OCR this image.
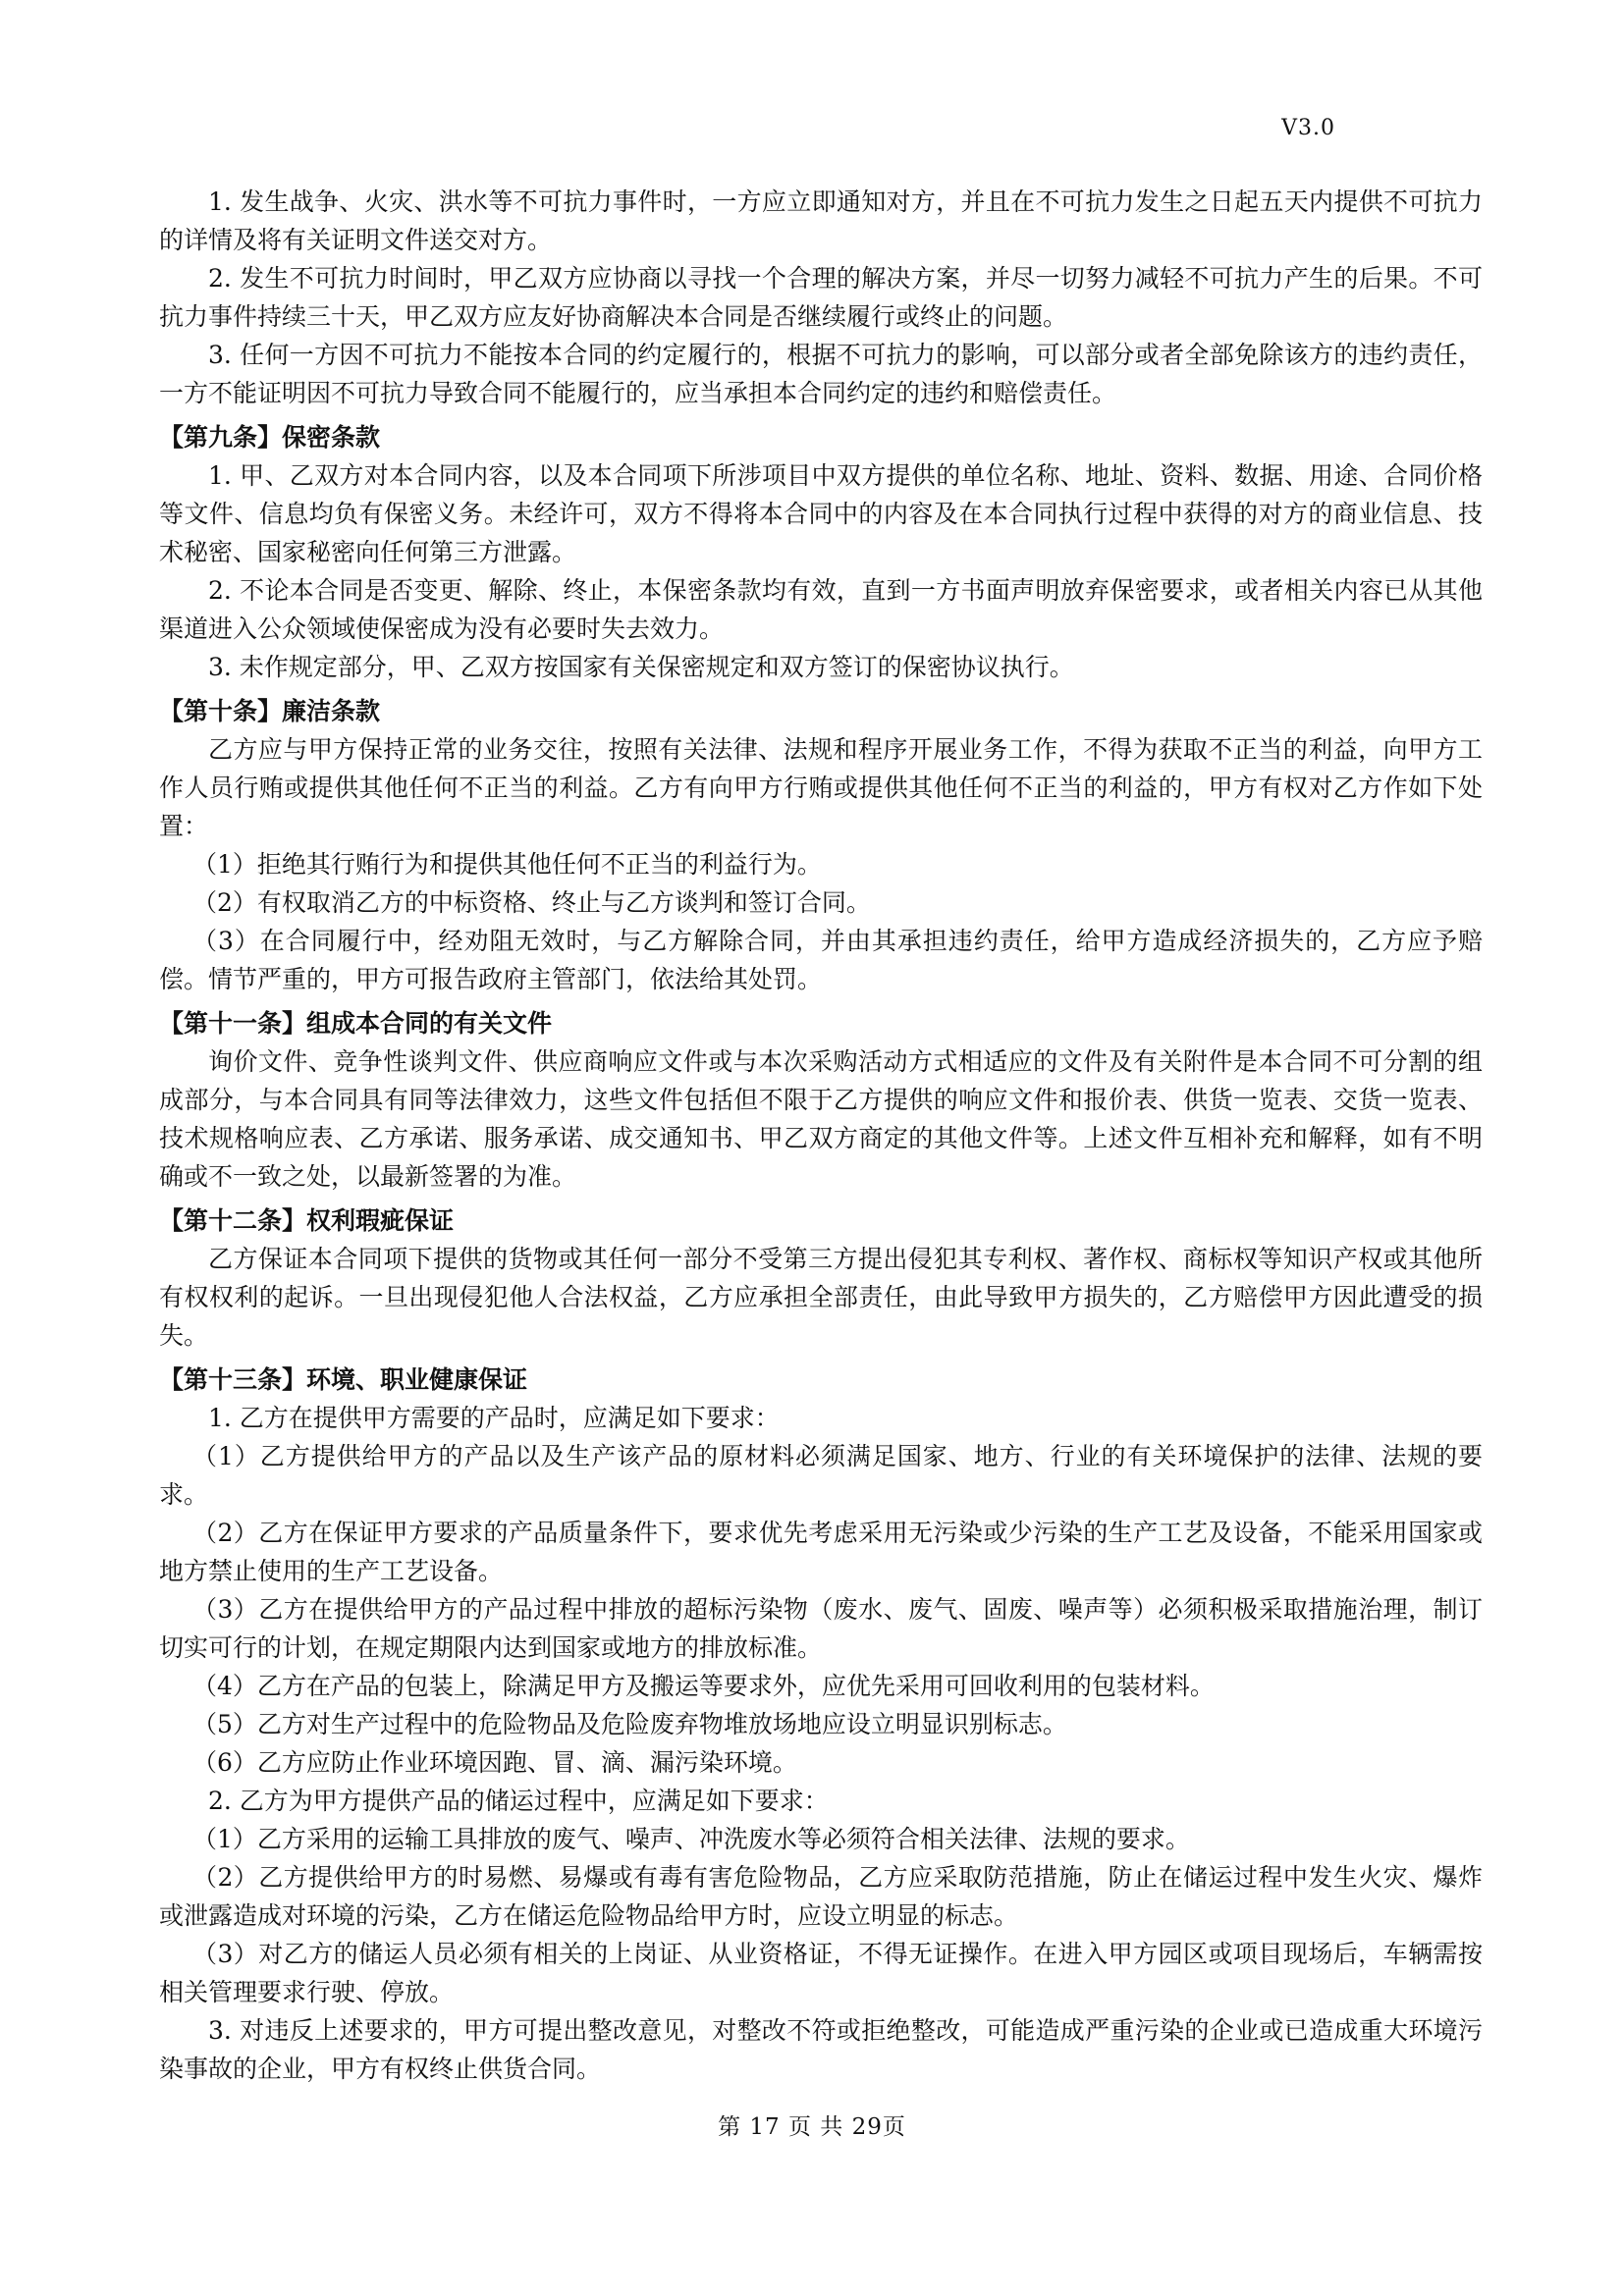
V3.0

1. 发生战争、火灾、洪水等不可抗力事件时，一方应立即通知对方，并且在不可抗力发生之日起五天内提供不可抗力的详情及将有关证明文件送交对方。

2. 发生不可抗力时间时，甲乙双方应协商以寻找一个合理的解决方案，并尽一切努力减轻不可抗力产生的后果。不可抗力事件持续三十天，甲乙双方应友好协商解决本合同是否继续履行或终止的问题。

3. 任何一方因不可抗力不能按本合同的约定履行的，根据不可抗力的影响，可以部分或者全部免除该方的违约责任，一方不能证明因不可抗力导致合同不能履行的，应当承担本合同约定的违约和赔偿责任。

【第九条】保密条款

1. 甲、乙双方对本合同内容，以及本合同项下所涉项目中双方提供的单位名称、地址、资料、数据、用途、合同价格等文件、信息均负有保密义务。未经许可，双方不得将本合同中的内容及在本合同执行过程中获得的对方的商业信息、技术秘密、国家秘密向任何第三方泄露。

2. 不论本合同是否变更、解除、终止，本保密条款均有效，直到一方书面声明放弃保密要求，或者相关内容已从其他渠道进入公众领域使保密成为没有必要时失去效力。

3. 未作规定部分，甲、乙双方按国家有关保密规定和双方签订的保密协议执行。

【第十条】廉洁条款

乙方应与甲方保持正常的业务交往，按照有关法律、法规和程序开展业务工作，不得为获取不正当的利益，向甲方工作人员行贿或提供其他任何不正当的利益。乙方有向甲方行贿或提供其他任何不正当的利益的，甲方有权对乙方作如下处置：

（1）拒绝其行贿行为和提供其他任何不正当的利益行为。

（2）有权取消乙方的中标资格、终止与乙方谈判和签订合同。

（3）在合同履行中，经劝阻无效时，与乙方解除合同，并由其承担违约责任，给甲方造成经济损失的，乙方应予赔偿。情节严重的，甲方可报告政府主管部门，依法给其处罚。

【第十一条】组成本合同的有关文件

询价文件、竞争性谈判文件、供应商响应文件或与本次采购活动方式相适应的文件及有关附件是本合同不可分割的组成部分，与本合同具有同等法律效力，这些文件包括但不限于乙方提供的响应文件和报价表、供货一览表、交货一览表、技术规格响应表、乙方承诺、服务承诺、成交通知书、甲乙双方商定的其他文件等。上述文件互相补充和解释，如有不明确或不一致之处，以最新签署的为准。

【第十二条】权利瑕疵保证

乙方保证本合同项下提供的货物或其任何一部分不受第三方提出侵犯其专利权、著作权、商标权等知识产权或其他所有权权利的起诉。一旦出现侵犯他人合法权益，乙方应承担全部责任，由此导致甲方损失的，乙方赔偿甲方因此遭受的损失。

【第十三条】环境、职业健康保证

1. 乙方在提供甲方需要的产品时，应满足如下要求：

（1）乙方提供给甲方的产品以及生产该产品的原材料必须满足国家、地方、行业的有关环境保护的法律、法规的要求。

（2）乙方在保证甲方要求的产品质量条件下，要求优先考虑采用无污染或少污染的生产工艺及设备，不能采用国家或地方禁止使用的生产工艺设备。

（3）乙方在提供给甲方的产品过程中排放的超标污染物（废水、废气、固废、噪声等）必须积极采取措施治理，制订切实可行的计划，在规定期限内达到国家或地方的排放标准。

（4）乙方在产品的包装上，除满足甲方及搬运等要求外，应优先采用可回收利用的包装材料。

（5）乙方对生产过程中的危险物品及危险废弃物堆放场地应设立明显识别标志。

（6）乙方应防止作业环境因跑、冒、滴、漏污染环境。

2. 乙方为甲方提供产品的储运过程中，应满足如下要求：

（1）乙方采用的运输工具排放的废气、噪声、冲洗废水等必须符合相关法律、法规的要求。

（2）乙方提供给甲方的时易燃、易爆或有毒有害危险物品，乙方应采取防范措施，防止在储运过程中发生火灾、爆炸或泄露造成对环境的污染，乙方在储运危险物品给甲方时，应设立明显的标志。

（3）对乙方的储运人员必须有相关的上岗证、从业资格证，不得无证操作。在进入甲方园区或项目现场后，车辆需按相关管理要求行驶、停放。

3. 对违反上述要求的，甲方可提出整改意见，对整改不符或拒绝整改，可能造成严重污染的企业或已造成重大环境污染事故的企业，甲方有权终止供货合同。

第 17 页 共 29页
